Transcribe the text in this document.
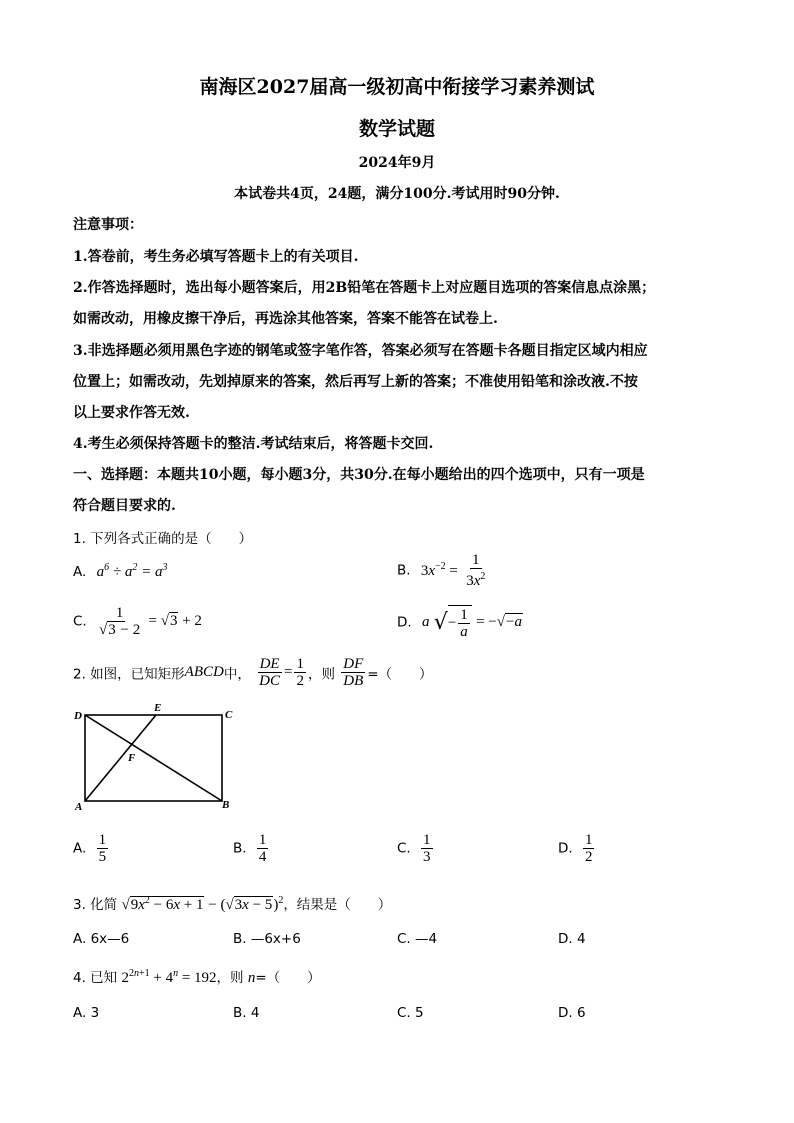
南海区2027届高一级初高中衔接学习素养测试
数学试题
2024年9月
本试卷共4页，24题，满分100分.考试用时90分钟.
注意事项：
1.答卷前，考生务必填写答题卡上的有关项目.
2.作答选择题时，选出每小题答案后，用2B铅笔在答题卡上对应题目选项的答案信息点涂黑；
如需改动，用橡皮擦干净后，再选涂其他答案，答案不能答在试卷上.
3.非选择题必须用黑色字迹的钢笔或签字笔作答，答案必须写在答题卡各题目指定区域内相应
位置上；如需改动，先划掉原来的答案，然后再写上新的答案；不准使用铅笔和涂改液.不按
以上要求作答无效.
4.考生必须保持答题卡的整洁.考试结束后，将答题卡交回.
一、选择题：本题共10小题，每小题3分，共30分.在每小题给出的四个选项中，只有一项是
符合题目要求的.
1. 下列各式正确的是（　　）
A. $a^6 \div a^2 = a^3$	B. $3x^{-2} = \frac{1}{3x^2}$
C. $\frac{1}{√3 - 2} = √3 + 2$	D. a √− $\frac{1}{a} = -√-a$
2. 如图，已知矩形ABCD中， $\frac{DE}{DC} = \frac{1}{2}$ ，则 $\frac{DF}{DB}$ =（　　）
D
E
C
F
A	B
A. $\frac{1}{5}$	B. $\frac{1}{4}$	C. $\frac{1}{3}$	D. $\frac{1}{2}$
3. 化简 $√9x^2 - 6x + 1 - (√3x - 5)^2$，结果是（　　）
A. 6x—6	B. —6x+6	C. —4	D. 4
4. 已知 $2^{2n+1} + 4^n = 192$，则 n=（　　）
A. 3	B. 4	C. 5	D. 6
